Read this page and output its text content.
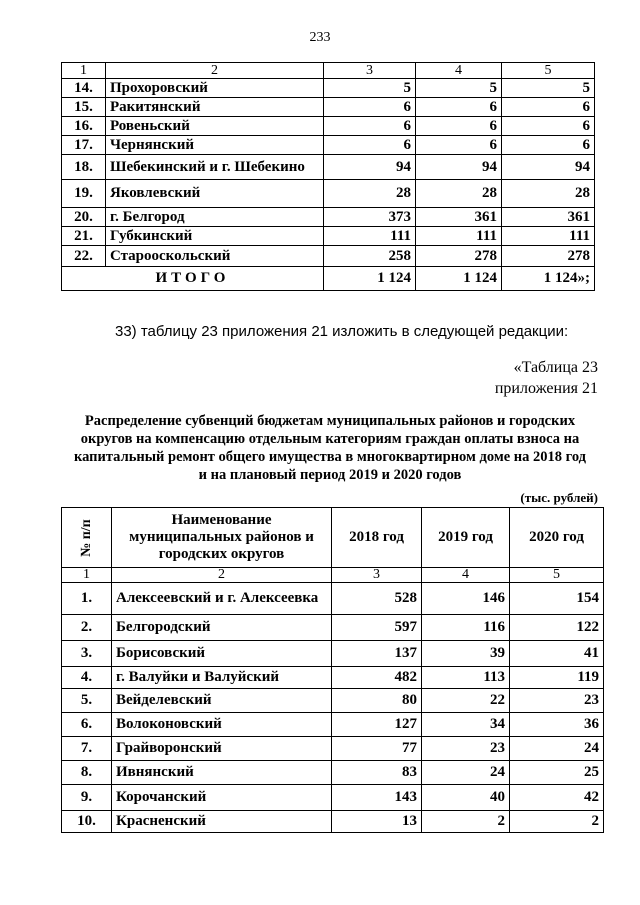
233
1	2	3	4	5
14.	Прохоровский	5	5	5
15.	Ракитянский	6	6	6
16.	Ровеньский	6	6	6
17.	Чернянский	6	6	6
18.	Шебекинский и г. Шебекино	94	94	94
19.	Яковлевский	28	28	28
20.	г. Белгород	373	361	361
21.	Губкинский	111	111	111
22.	Старооскольский	258	278	278
ИТОГО		1 124	1 124	1 124»;
33) таблицу 23 приложения 21 изложить в следующей редакции:
«Таблица 23
приложения 21
Распределение субвенций бюджетам муниципальных районов и городских
округов на компенсацию отдельным категориям граждан оплаты взноса на
капитальный ремонт общего имущества в многоквартирном доме на 2018 год
и на плановый период 2019 и 2020 годов
(тыс. рублей)
№ п/п	Наименование муниципальных районов и городских округов	2018 год	2019 год	2020 год
1	2	3	4	5
1.	Алексеевский и г. Алексеевка	528	146	154
2.	Белгородский	597	116	122
3.	Борисовский	137	39	41
4.	г. Валуйки и Валуйский	482	113	119
5.	Вейделевский	80	22	23
6.	Волоконовский	127	34	36
7.	Грайворонский	77	23	24
8.	Ивнянский	83	24	25
9.	Корочанский	143	40	42
10.	Красненский	13	2	2
